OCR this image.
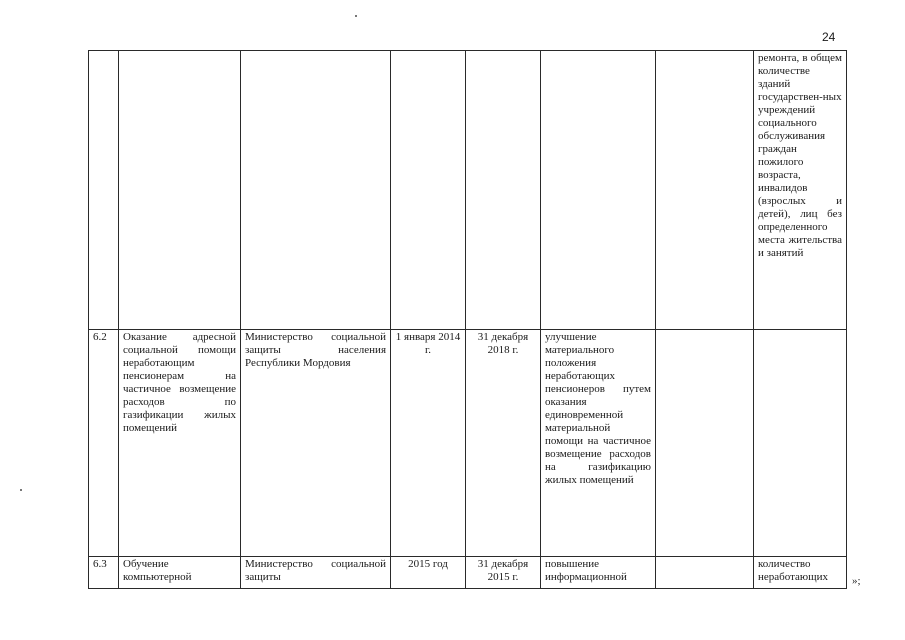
24
							ремонта, в общем количестве зданий государствен-ных учреждений социального обслуживания граждан пожилого возраста, инвалидов (взрослых и детей), лиц без определенного места жительства и занятий
6.2	Оказание адресной социальной помощи неработающим пенсионерам на частичное возмещение расходов по газификации жилых помещений	Министерство социальной защиты населения Республики Мордовия	1 января 2014 г.	31 декабря 2018 г.	улучшение материального положения неработающих пенсионеров путем оказания единовременной материальной помощи на частичное возмещение расходов на газификацию жилых помещений		
6.3	Обучение компьютерной	Министерство социальной защиты	2015 год	31 декабря 2015 г.	повышение информационной		количество неработающих »;
